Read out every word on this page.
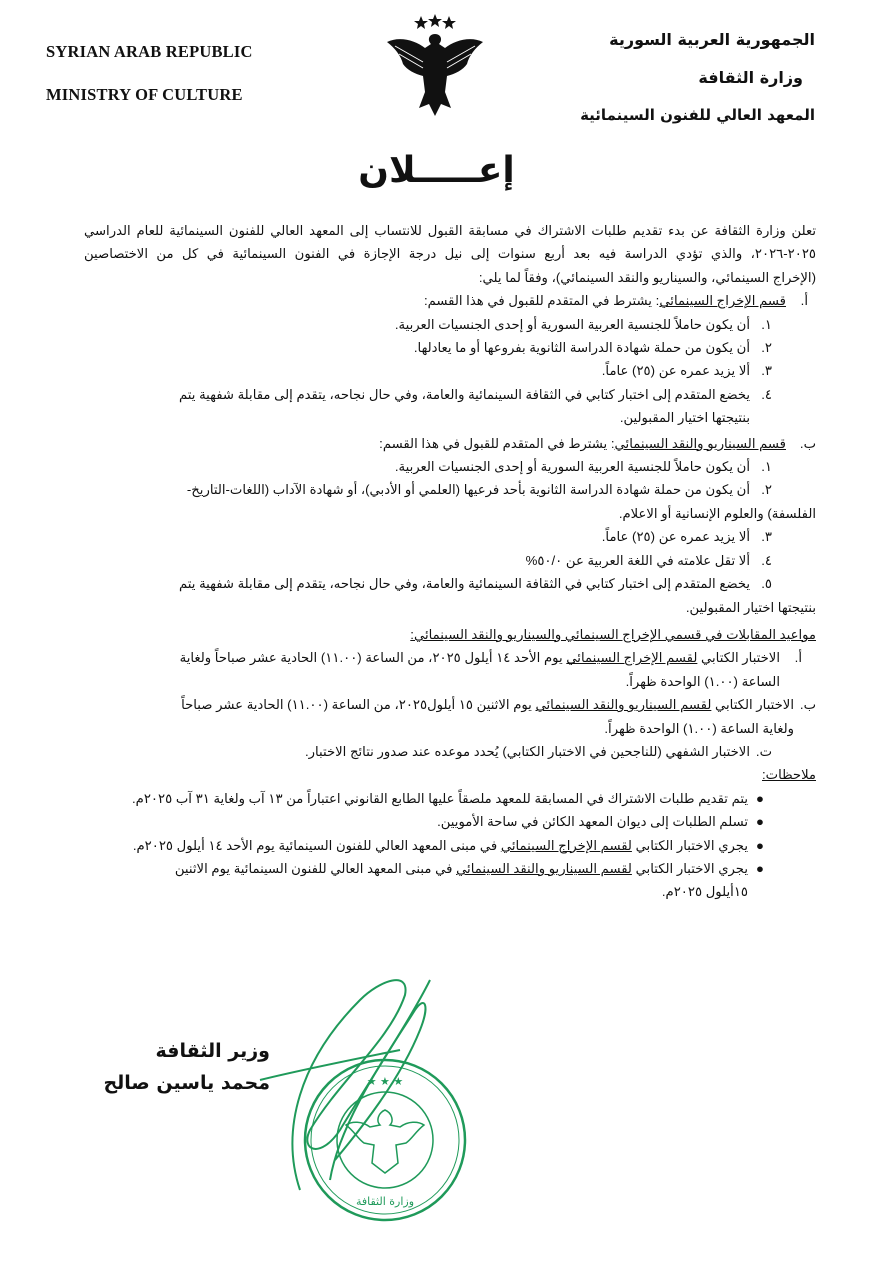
SYRIAN ARAB REPUBLIC
MINISTRY OF CULTURE
الجمهورية العربية السورية
وزارة الثقافة
المعهد العالي للفنون السينمائية
إعـــــلان
تعلن وزارة الثقافة عن بدء تقديم طلبات الاشتراك في مسابقة القبول للانتساب إلى المعهد العالي للفنون السينمائية للعام الدراسي
٢٠٢٥-٢٠٢٦، والذي تؤدي الدراسة فيه بعد أربع سنوات إلى نيل درجة الإجازة في الفنون السينمائية في كل من الاختصاصين
(الإخراج السينمائي، والسيناريو والنقد السينمائي)، وفقاً لما يلي:
أ.قسم الإخراج السينمائي: يشترط في المتقدم للقبول في هذا القسم:
١.أن يكون حاملاً للجنسية العربية السورية أو إحدى الجنسيات العربية.
٢.أن يكون من حملة شهادة الدراسة الثانوية بفروعها أو ما يعادلها.
٣.ألا يزيد عمره عن (٢٥) عاماً.
٤.يخضع المتقدم إلى اختبار كتابي في الثقافة السينمائية والعامة، وفي حال نجاحه، يتقدم إلى مقابلة شفهية يتم
بنتيجتها اختيار المقبولين.
ب.قسم السيناريو والنقد السينمائي: يشترط في المتقدم للقبول في هذا القسم:
١.أن يكون حاملاً للجنسية العربية السورية أو إحدى الجنسيات العربية.
٢.أن يكون من حملة شهادة الدراسة الثانوية بأحد فرعيها (العلمي أو الأدبي)، أو شهادة الآداب (اللغات-التاريخ-
الفلسفة) والعلوم الإنسانية أو الاعلام.
٣.ألا يزيد عمره عن (٢٥) عاماً.
٤.ألا تقل علامته في اللغة العربية عن ٥٠/٠%
٥.يخضع المتقدم إلى اختبار كتابي في الثقافة السينمائية والعامة، وفي حال نجاحه، يتقدم إلى مقابلة شفهية يتم
بنتيجتها اختيار المقبولين.
مواعيد المقابلات في قسمي الإخراج السينمائي والسيناريو والنقد السينمائي:
أ.الاختبار الكتابي لقسم الإخراج السينمائي يوم الأحد ١٤ أيلول ٢٠٢٥، من الساعة (١١.٠٠) الحادية عشر صباحاً ولغاية
الساعة (١.٠٠) الواحدة ظهراً.
ب.الاختبار الكتابي لقسم السيناريو والنقد السينمائي يوم الاثنين ١٥ أيلول٢٠٢٥، من الساعة (١١.٠٠) الحادية عشر صباحاً
ولغاية الساعة (١.٠٠) الواحدة ظهراً.
ت.الاختبار الشفهي (للناجحين في الاختبار الكتابي) يُحدد موعده عند صدور نتائج الاختبار.
ملاحظات:
●يتم تقديم طلبات الاشتراك في المسابقة للمعهد ملصقاً عليها الطابع القانوني اعتباراً من ١٣ آب ولغاية ٣١ آب ٢٠٢٥م.
●تسلم الطلبات إلى ديوان المعهد الكائن في ساحة الأمويين.
●يجري الاختبار الكتابي لقسم الإخراج السينمائي في مبنى المعهد العالي للفنون السينمائية يوم الأحد ١٤ أيلول ٢٠٢٥م.
●يجري الاختبار الكتابي لقسم السيناريو والنقد السينمائي في مبنى المعهد العالي للفنون السينمائية يوم الاثنين
١٥أيلول ٢٠٢٥م.
وزير الثقافة
محمد ياسين صالح	★ ★ ★
وزارة الثقافة
